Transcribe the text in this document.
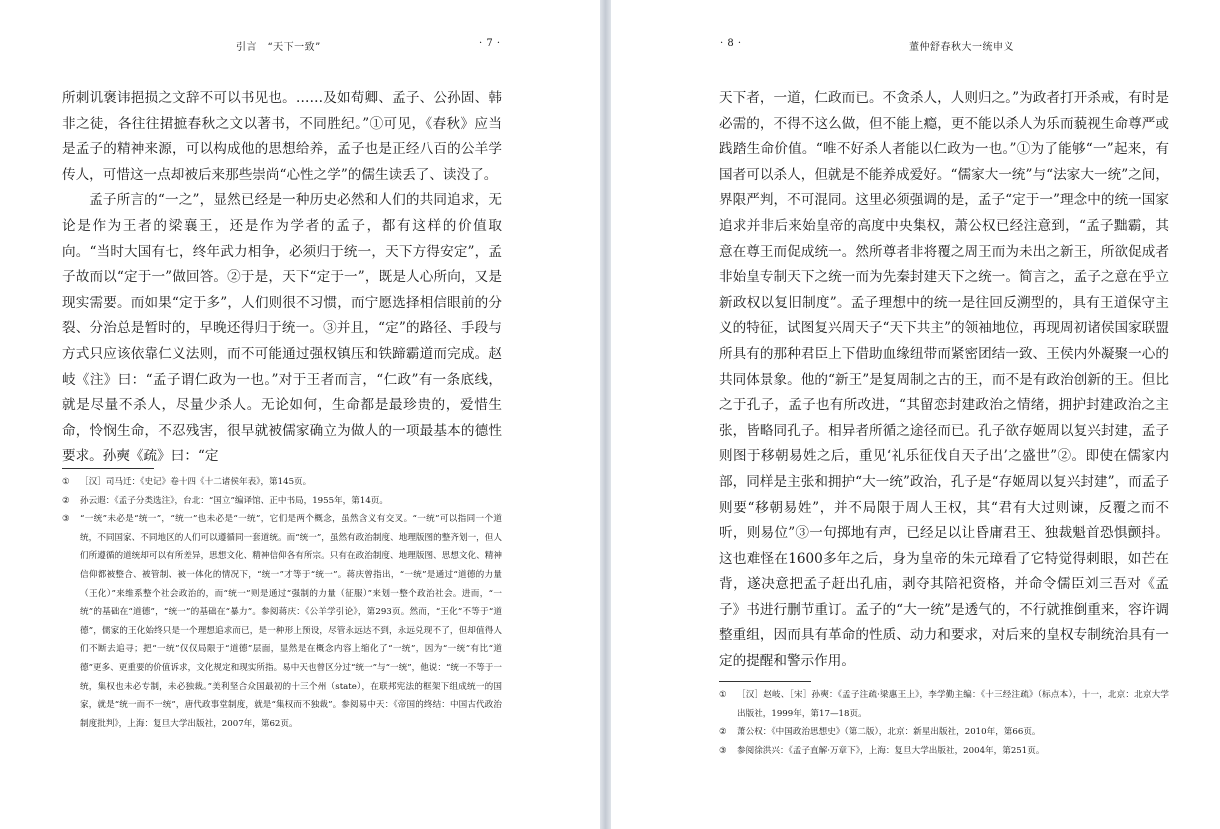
引言　“天下一致”	· 7 ·

所刺讥褒讳挹损之文辞不可以书见也。……及如荀卿、孟子、公孙固、韩非之徒，各往往捃摭春秋之文以著书，不同胜纪。”①可见，《春秋》应当是孟子的精神来源，可以构成他的思想给养，孟子也是正经八百的公羊学传人，可惜这一点却被后来那些崇尚“心性之学”的儒生读丢了、读没了。

孟子所言的“一之”，显然已经是一种历史必然和人们的共同追求，无论是作为王者的梁襄王，还是作为学者的孟子，都有这样的价值取向。“当时大国有七，终年武力相争，必须归于统一，天下方得安定”，孟子故而以“定于一”做回答。②于是，天下“定于一”，既是人心所向，又是现实需要。而如果“定于多”，人们则很不习惯，而宁愿选择相信眼前的分裂、分治总是暂时的，早晚还得归于统一。③并且，“定”的路径、手段与方式只应该依靠仁义法则，而不可能通过强权镇压和铁蹄霸道而完成。赵岐《注》曰：“孟子谓仁政为一也。”对于王者而言，“仁政”有一条底线，就是尽量不杀人，尽量少杀人。无论如何，生命都是最珍贵的，爱惜生命，怜悯生命，不忍残害，很早就被儒家确立为做人的一项最基本的德性要求。孙奭《疏》曰：“定

①	［汉］司马迁：《史记》卷十四《十二诸侯年表》，第145页。
②	孙云遐：《孟子分类选注》，台北：“国立”编译馆、正中书局，1955年，第14页。
③	“一统”未必是“统一”，“统一”也未必是“一统”，它们是两个概念，虽然含义有交叉。“一统”可以指同一个道统，不同国家、不同地区的人们可以遵循同一套道统。而“统一”，虽然有政治制度、地理版图的整齐划一，但人们所遵循的道统却可以有所差异，思想文化、精神信仰各有所宗。只有在政治制度、地理版图、思想文化、精神信仰都被整合、被管制、被一体化的情况下，“统一”才等于“统一”。蒋庆曾指出，“一统”是通过“道德的力量（王化）”来维系整个社会政治的，而“统一”则是通过“强制的力量（征服）”来划一整个政治社会。进而，“一统”的基础在“道德”，“统一”的基础在“暴力”。参阅蒋庆：《公羊学引论》，第293页。然而，“王化”不等于“道德”，儒家的王化始终只是一个理想追求而已，是一种形上预设，尽管永远达不到，永远兑现不了，但却值得人们不断去追寻；把“一统”仅仅局限于“道德”层面，显然是在概念内容上缩化了“一统”，因为“一统”有比“道德”更多、更重要的价值诉求，文化规定和现实所指。易中天也曾区分过“统一”与“一统”，他说：“统一不等于一统，集权也未必专制，未必独裁。”美利坚合众国最初的十三个州（state），在联邦宪法的框架下组成统一的国家，就是“统一而不一统”，唐代政事堂制度，就是“集权而不独裁”。参阅易中天：《帝国的终结：中国古代政治制度批判》，上海：复旦大学出版社，2007年，第62页。
· 8 ·	董仲舒春秋大一统申义

天下者，一道，仁政而已。不贪杀人，人则归之。”为政者打开杀戒，有时是必需的，不得不这么做，但不能上瘾，更不能以杀人为乐而藐视生命尊严或践踏生命价值。“唯不好杀人者能以仁政为一也。”①为了能够“一”起来，有国者可以杀人，但就是不能养成爱好。“儒家大一统”与“法家大一统”之间，界限严判，不可混同。这里必须强调的是，孟子“定于一”理念中的统一国家追求并非后来始皇帝的高度中央集权，萧公权已经注意到，“孟子黜霸，其意在尊王而促成统一。然所尊者非将覆之周王而为未出之新王，所欲促成者非始皇专制天下之统一而为先秦封建天下之统一。简言之，孟子之意在乎立新政权以复旧制度”。孟子理想中的统一是往回反溯型的，具有王道保守主义的特征，试图复兴周天子“天下共主”的领袖地位，再现周初诸侯国家联盟所具有的那种君臣上下借助血缘纽带而紧密团结一致、王侯内外凝聚一心的共同体景象。他的“新王”是复周制之古的王，而不是有政治创新的王。但比之于孔子，孟子也有所改进，“其留恋封建政治之情绪，拥护封建政治之主张，皆略同孔子。相异者所循之途径而已。孔子欲存姬周以复兴封建，孟子则图于移朝易姓之后，重见‘礼乐征伐自天子出’之盛世”②。即使在儒家内部，同样是主张和拥护“大一统”政治，孔子是“存姬周以复兴封建”，而孟子则要“移朝易姓”，并不局限于周人王权，其“君有大过则谏，反覆之而不听，则易位”③一句掷地有声，已经足以让昏庸君王、独裁魁首恐惧颤抖。这也难怪在1600多年之后，身为皇帝的朱元璋看了它特觉得刺眼，如芒在背，遂决意把孟子赶出孔庙，剥夺其陪祀资格，并命令儒臣刘三吾对《孟子》书进行删节重订。孟子的“大一统”是透气的，不行就推倒重来，容许调整重组，因而具有革命的性质、动力和要求，对后来的皇权专制统治具有一定的提醒和警示作用。

①	［汉］赵岐、［宋］孙奭：《孟子注疏·梁惠王上》，李学勤主编：《十三经注疏》（标点本），十一，北京：北京大学出版社，1999年，第17—18页。
②	萧公权：《中国政治思想史》（第二版），北京：新星出版社，2010年，第66页。
③	参阅徐洪兴：《孟子直解·万章下》，上海：复旦大学出版社，2004年，第251页。
